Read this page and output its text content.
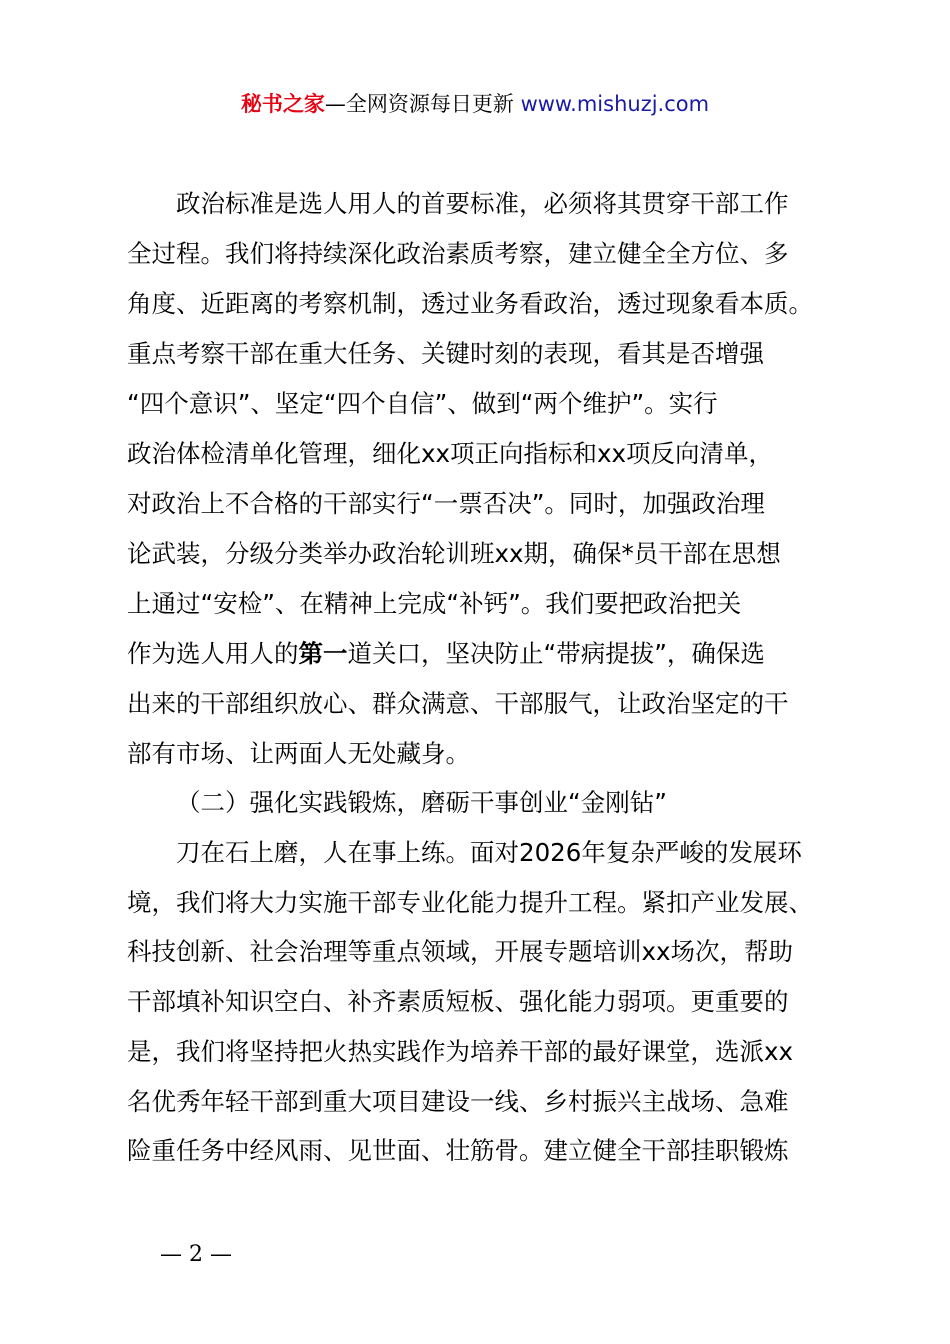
秘书之家—全网资源每日更新 www.mishuzj.com
政治标准是选人用人的首要标准，必须将其贯穿干部工作
全过程。我们将持续深化政治素质考察，建立健全全方位、多
角度、近距离的考察机制，透过业务看政治，透过现象看本质。
重点考察干部在重大任务、关键时刻的表现，看其是否增强
“四个意识”、坚定“四个自信”、做到“两个维护”。实行
政治体检清单化管理，细化xx项正向指标和xx项反向清单，
对政治上不合格的干部实行“一票否决”。同时，加强政治理
论武装，分级分类举办政治轮训班xx期，确保*员干部在思想
上通过“安检”、在精神上完成“补钙”。我们要把政治把关
作为选人用人的第一道关口，坚决防止“带病提拔”，确保选
出来的干部组织放心、群众满意、干部服气，让政治坚定的干
部有市场、让两面人无处藏身。
（二）强化实践锻炼，磨砺干事创业“金刚钻”
刀在石上磨，人在事上练。面对2026年复杂严峻的发展环
境，我们将大力实施干部专业化能力提升工程。紧扣产业发展、
科技创新、社会治理等重点领域，开展专题培训xx场次，帮助
干部填补知识空白、补齐素质短板、强化能力弱项。更重要的
是，我们将坚持把火热实践作为培养干部的最好课堂，选派xx
名优秀年轻干部到重大项目建设一线、乡村振兴主战场、急难
险重任务中经风雨、见世面、壮筋骨。建立健全干部挂职锻炼
— 2 —
